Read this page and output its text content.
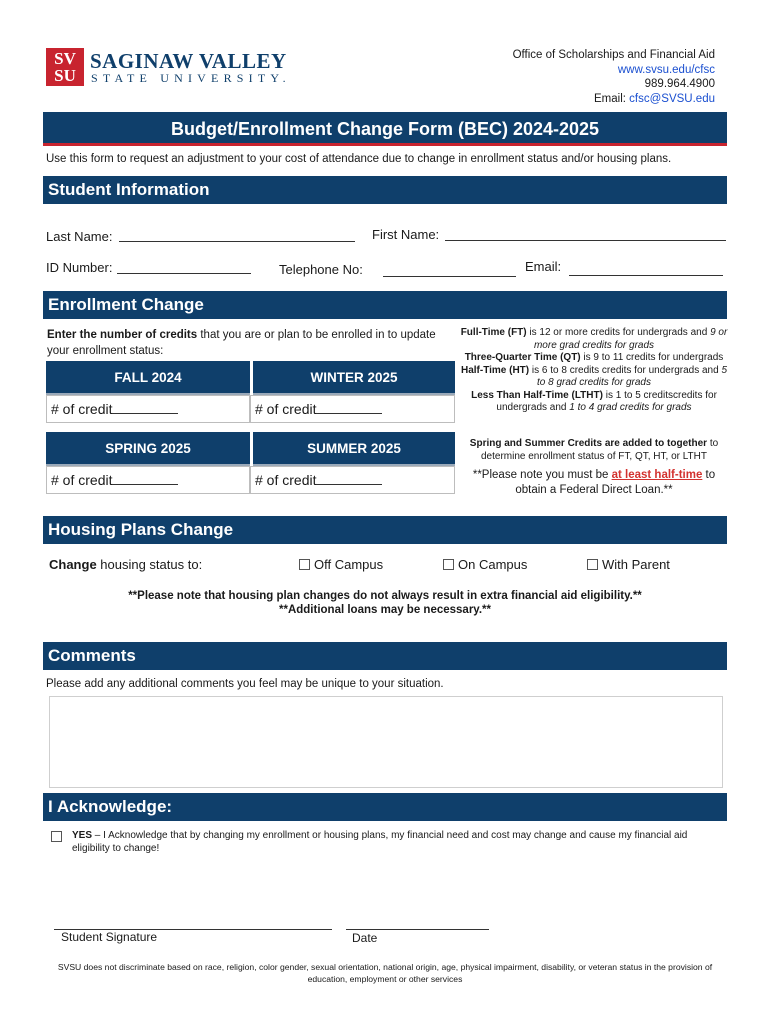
SV
SU
SAGINAW VALLEY
STATE UNIVERSITY.
Office of Scholarships and Financial Aid
www.svsu.edu/cfsc
989.964.4900
Email: cfsc@SVSU.edu
Budget/Enrollment Change Form (BEC) 2024-2025
Use this form to request an adjustment to your cost of attendance due to change in enrollment status and/or housing plans.
Student Information
Last Name:	First Name:
ID Number:	Telephone No:	Email:
Enrollment Change
Enter the number of credits that you are or plan to be enrolled in to update your enrollment status:
FALL 2024	WINTER 2025
# of credit	# of credit
SPRING 2025	SUMMER 2025
# of credit	# of credit
Full-Time (FT) is 12 or more credits for undergrads and 9 or more grad credits for grads
Three-Quarter Time (QT) is 9 to 11 credits for undergrads
Half-Time (HT) is 6 to 8 credits credits for undergrads and 5 to 8 grad credits for grads
Less Than Half-Time (LTHT) is 1 to 5 creditscredits for undergrads and 1 to 4 grad credits for grads
Spring and Summer Credits are added to together to determine enrollment status of FT, QT, HT, or LTHT
**Please note you must be at least half-time to obtain a Federal Direct Loan.**
Housing Plans Change
Change housing status to:	Off Campus	On Campus	With Parent
**Please note that housing plan changes do not always result in extra financial aid eligibility.**
**Additional loans may be necessary.**
Comments
Please add any additional comments you feel may be unique to your situation.
I Acknowledge:
YES – I Acknowledge that by changing my enrollment or housing plans, my financial need and cost may change and cause my financial aid eligibility to change!
Student Signature	Date
SVSU does not discriminate based on race, religion, color gender, sexual orientation, national origin, age, physical impairment, disability, or veteran status in the provision of education, employment or other services
